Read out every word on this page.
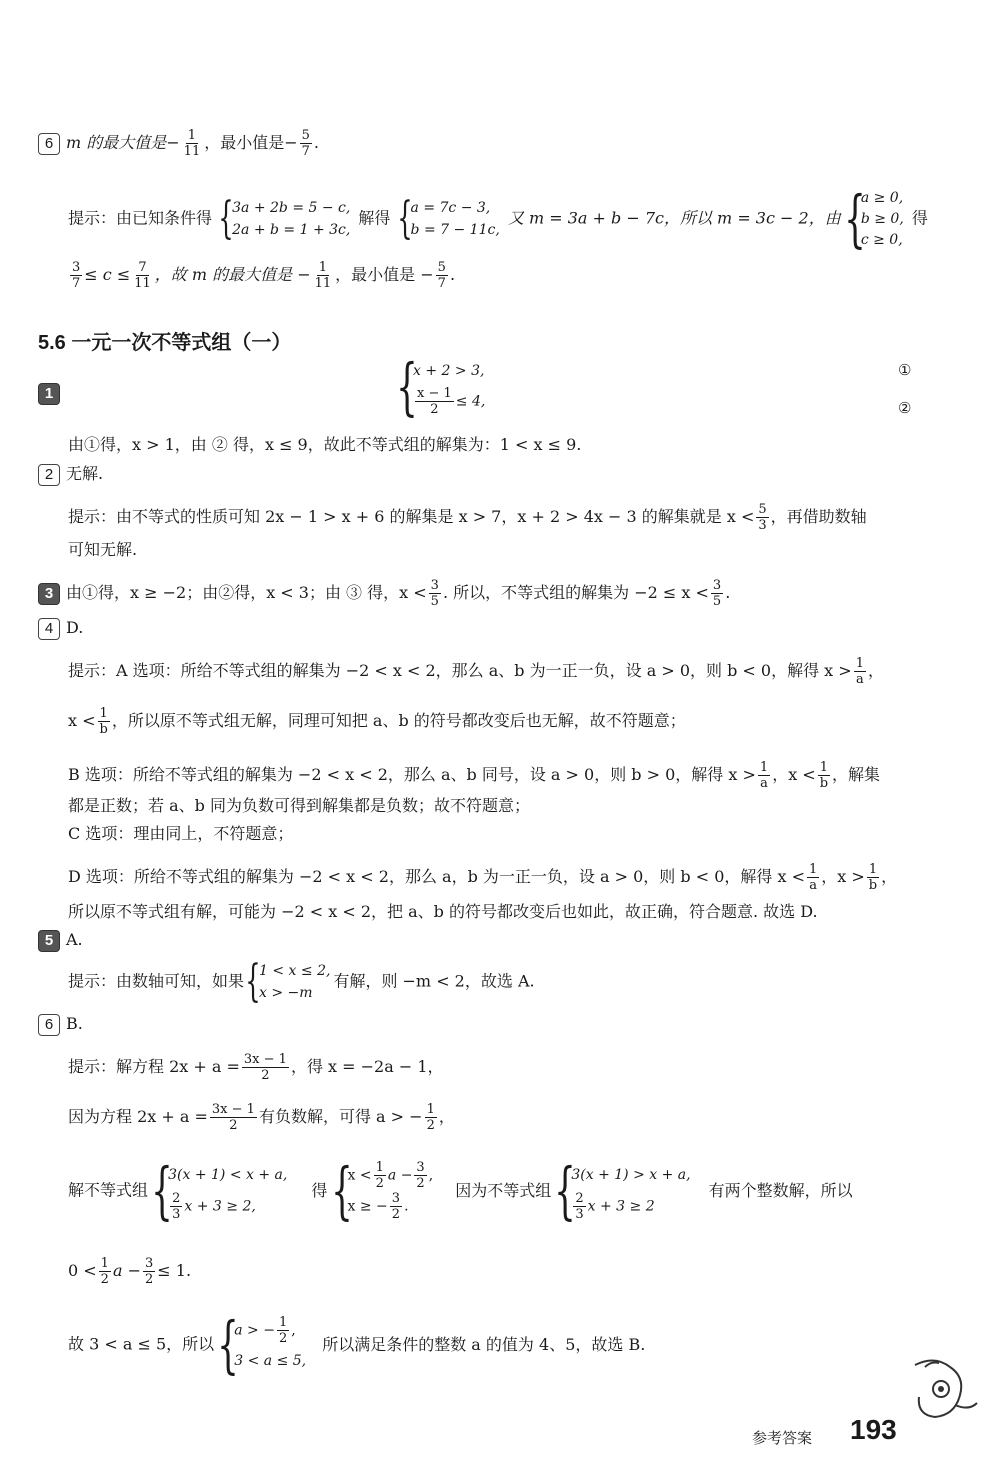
6 m 的最大值是− $\frac{1}{11}$ ，最小值是− $\frac{5}{7}$ .
提示：由已知条件得 {
3a + 2b = 5 − c,
2a + b = 1 + 3c,
解得 {
a = 7c − 3,
b = 7 − 11c,
又 m = 3a + b − 7c，所以 m = 3c − 2，由 {
a ≥ 0,
b ≥ 0,
c ≥ 0,
得
$\frac{3}{7} \le c \le \frac{7}{11}$ ，故 m 的最大值是 − $\frac{1}{11}$ ，最小值是 − $\frac{5}{7}$ .
5.6 一元一次不等式组（一）
1	{
x + 2 > 3,
$\frac{x - 1}{2} \le 4$,
①
②
由①得，x > 1，由 ② 得，x ≤ 9，故此不等式组的解集为：1 < x ≤ 9.
2 无解.
提示：由不等式的性质可知 2x − 1 > x + 6 的解集是 x > 7，x + 2 > 4x − 3 的解集就是 $x < \frac{5}{3}$ ，再借助数轴
可知无解.
3 由①得，x ≥ −2；由②得，x < 3；由 ③ 得，$x < \frac{3}{5}$ . 所以，不等式组的解集为 $-2 \le x < \frac{3}{5}$ .
4 D.
提示：A 选项：所给不等式组的解集为 −2 < x < 2，那么 a、b 为一正一负，设 a > 0，则 b < 0，解得 $x > \frac{1}{a}$ ，
$x < \frac{1}{b}$ ，所以原不等式组无解，同理可知把 a、b 的符号都改变后也无解，故不符题意；
B 选项：所给不等式组的解集为 −2 < x < 2，那么 a、b 同号，设 a > 0，则 b > 0，解得 $x > \frac{1}{a}$ ，$x < \frac{1}{b}$ ，解集
都是正数；若 a、b 同为负数可得到解集都是负数；故不符题意；
C 选项：理由同上，不符题意；
D 选项：所给不等式组的解集为 −2 < x < 2，那么 a，b 为一正一负，设 a > 0，则 b < 0，解得 $x < \frac{1}{a}$ ，$x > \frac{1}{b}$ ，
所以原不等式组有解，可能为 −2 < x < 2，把 a、b 的符号都改变后也如此，故正确，符合题意. 故选 D.
5 A.
提示：由数轴可知，如果 {
1 < x ≤ 2,
x > −m
有解，则 −m < 2，故选 A.
6 B.
提示：解方程 $2x + a = \frac{3x - 1}{2}$ ，得 x = −2a − 1，
因为方程 $2x + a = \frac{3x - 1}{2}$ 有负数解，可得 a > − $\frac{1}{2}$ ，
解不等式组 {
3(x + 1) < x + a,
$\frac{2}{3}$ x + 3 ≥ 2,
得 {
$x < \frac{1}{2}$ $a - \frac{3}{2}$ ,
x ≥ − $\frac{3}{2}$ .
因为不等式组 {
3(x + 1) > x + a,
$\frac{2}{3}$ x + 3 ≥ 2
有两个整数解，所以
$0 < \frac{1}{2}$ $a - \frac{3}{2} \le 1$.
故 3 < a ≤ 5，所以 {
a > − $\frac{1}{2}$ ,
3 < a ≤ 5,
所以满足条件的整数 a 的值为 4、5，故选 B.
参考答案 193
